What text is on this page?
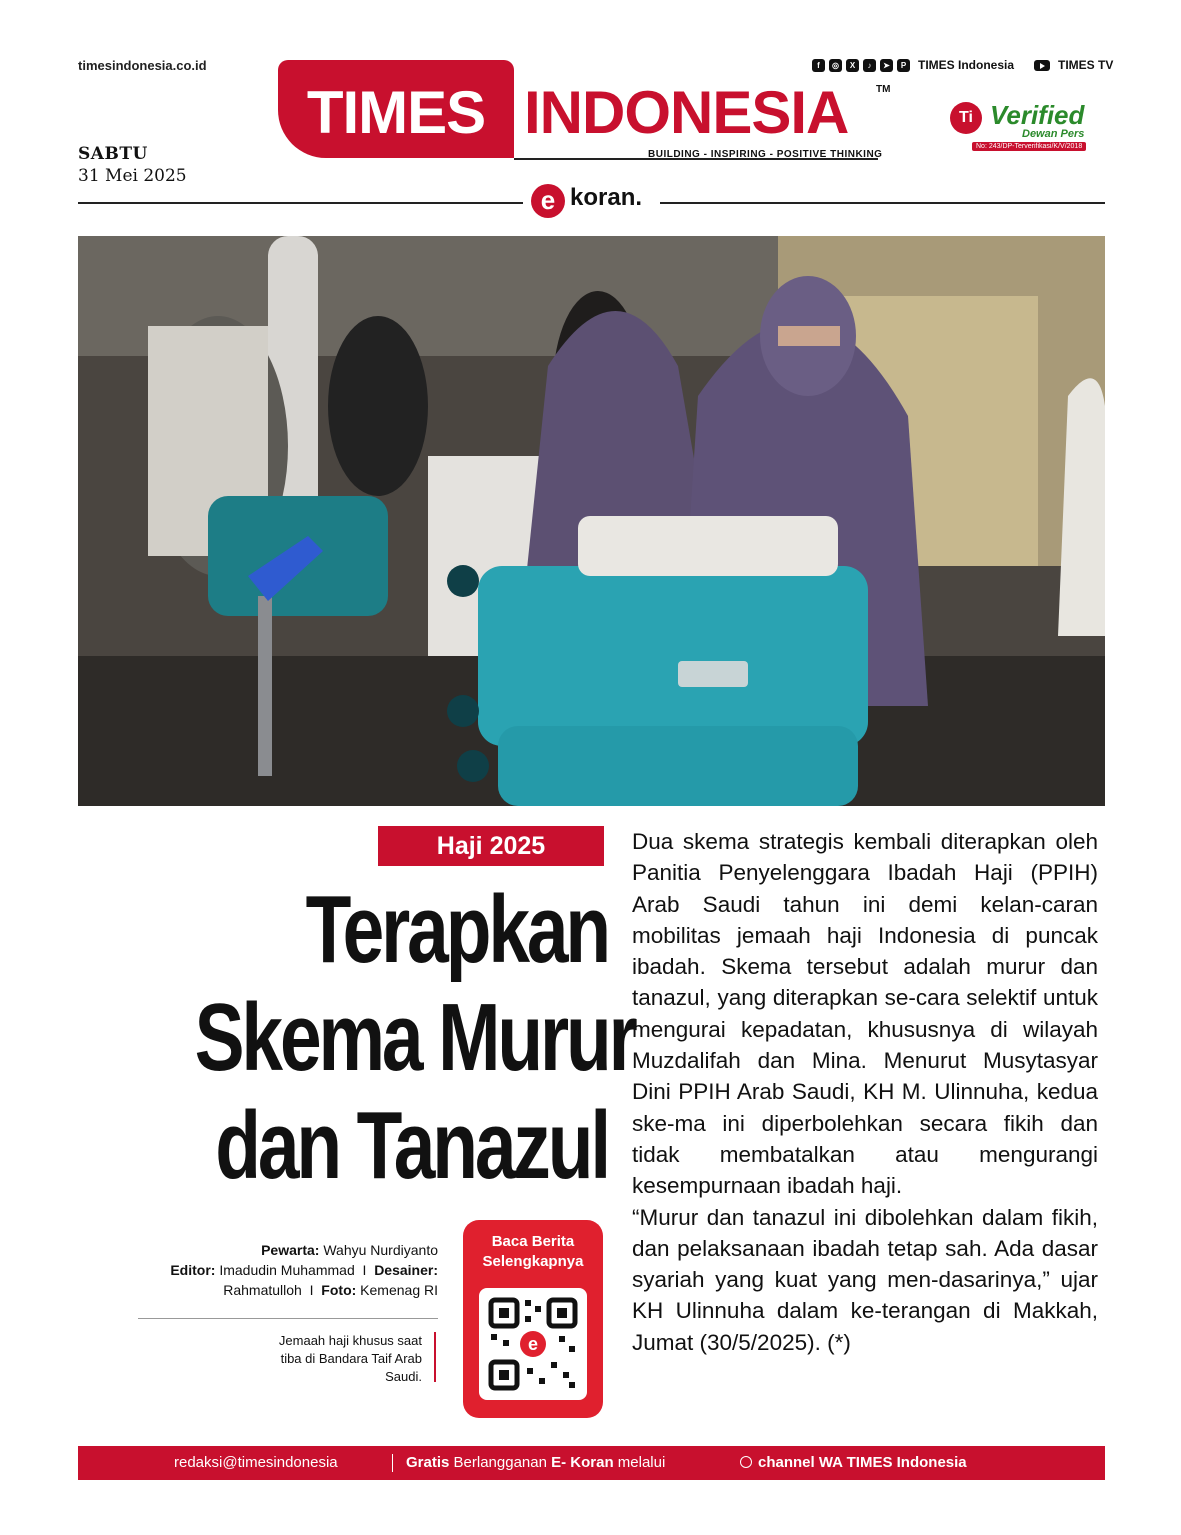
timesindonesia.co.id
SABTU
31 Mei 2025
TIMES INDONESIA	TM
BUILDING - INSPIRING - POSITIVE THINKING
f	◎	X	♪	➤	P TIMES Indonesia	TIMES TV
Ti Verified
Dewan Pers
No: 243/DP-Terverifikasi/K/V/2018
e koran.
Haji 2025
Terapkan
Skema Murur
dan Tanazul
Pewarta: Wahyu Nurdiyanto
Editor: Imadudin Muhammad  I  Desainer:
Rahmatulloh  I  Foto: Kemenag RI
Jemaah haji khusus saat tiba di Bandara Taif Arab Saudi.
Baca Berita
Selengkapnya
e

Dua skema strategis kembali diterapkan oleh Panitia Penyelenggara Ibadah Haji (PPIH) Arab Saudi tahun ini demi kelan-caran mobilitas jemaah haji Indonesia di puncak ibadah. Skema tersebut adalah murur dan tanazul, yang diterapkan se-cara selektif untuk mengurai kepadatan, khususnya di wilayah Muzdalifah dan Mina. Menurut Musytasyar Dini PPIH Arab Saudi, KH M. Ulinnuha, kedua ske-ma ini diperbolehkan secara fikih dan tidak membatalkan atau mengurangi kesempurnaan ibadah haji.

“Murur dan tanazul ini dibolehkan dalam fikih, dan pelaksanaan ibadah tetap sah. Ada dasar syariah yang kuat yang men-dasarinya,” ujar KH Ulinnuha dalam ke-terangan di Makkah, Jumat (30/5/2025). (*)

redaksi@timesindonesia	Gratis Berlangganan E- Koran melalui	channel WA TIMES Indonesia
